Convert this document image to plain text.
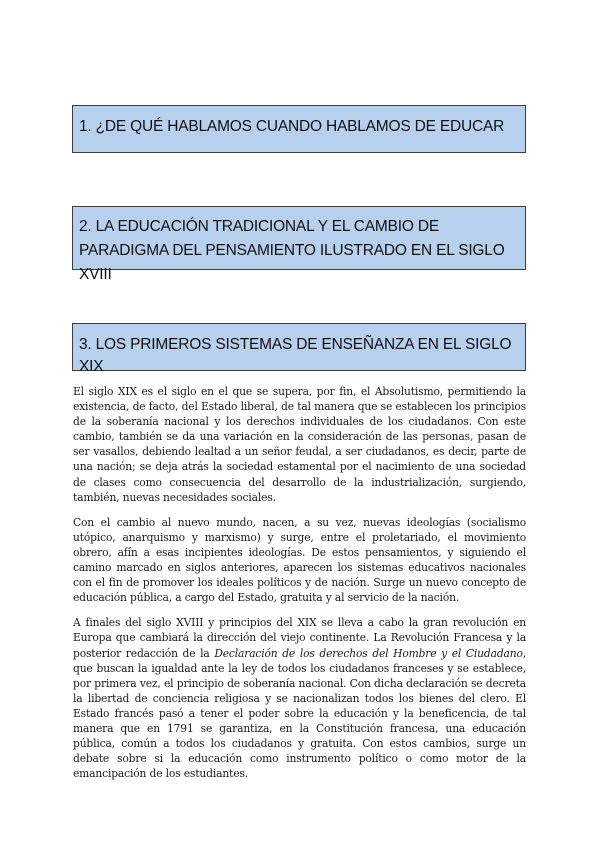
1. ¿DE QUÉ HABLAMOS CUANDO HABLAMOS DE EDUCAR
2. LA EDUCACIÓN TRADICIONAL Y EL CAMBIO DE PARADIGMA DEL PENSAMIENTO ILUSTRADO EN EL SIGLO XVIII
3. LOS PRIMEROS SISTEMAS DE ENSEÑANZA EN EL SIGLO XIX

El siglo XIX es el siglo en el que se supera, por fin, el Absolutismo, permitiendo la existencia, de facto, del Estado liberal, de tal manera que se establecen los principios de la soberanía nacional y los derechos individuales de los ciudadanos. Con este cambio, también se da una variación en la consideración de las personas, pasan de ser vasallos, debiendo lealtad a un señor feudal, a ser ciudadanos, es decir, parte de una nación; se deja atrás la sociedad estamental por el nacimiento de una sociedad de clases como consecuencia del desarrollo de la industrialización, surgiendo, también, nuevas necesidades sociales.

Con el cambio al nuevo mundo, nacen, a su vez, nuevas ideologías (socialismo utópico, anarquismo y marxismo) y surge, entre el proletariado, el movimiento obrero, afín a esas incipientes ideologías. De estos pensamientos, y siguiendo el camino marcado en siglos anteriores, aparecen los sistemas educativos nacionales con el fin de promover los ideales políticos y de nación. Surge un nuevo concepto de educación pública, a cargo del Estado, gratuita y al servicio de la nación.

A finales del siglo XVIII y principios del XIX se lleva a cabo la gran revolución en Europa que cambiará la dirección del viejo continente. La Revolución Francesa y la posterior redacción de la Declaración de los derechos del Hombre y el Ciudadano, que buscan la igualdad ante la ley de todos los ciudadanos franceses y se establece, por primera vez, el principio de soberanía nacional. Con dicha declaración se decreta la libertad de conciencia religiosa y se nacionalizan todos los bienes del clero. El Estado francés pasó a tener el poder sobre la educación y la beneficencia, de tal manera que en 1791 se garantiza, en la Constitución francesa, una educación pública, común a todos los ciudadanos y gratuita. Con estos cambios, surge un debate sobre si la educación como instrumento político o como motor de la emancipación de los estudiantes.
